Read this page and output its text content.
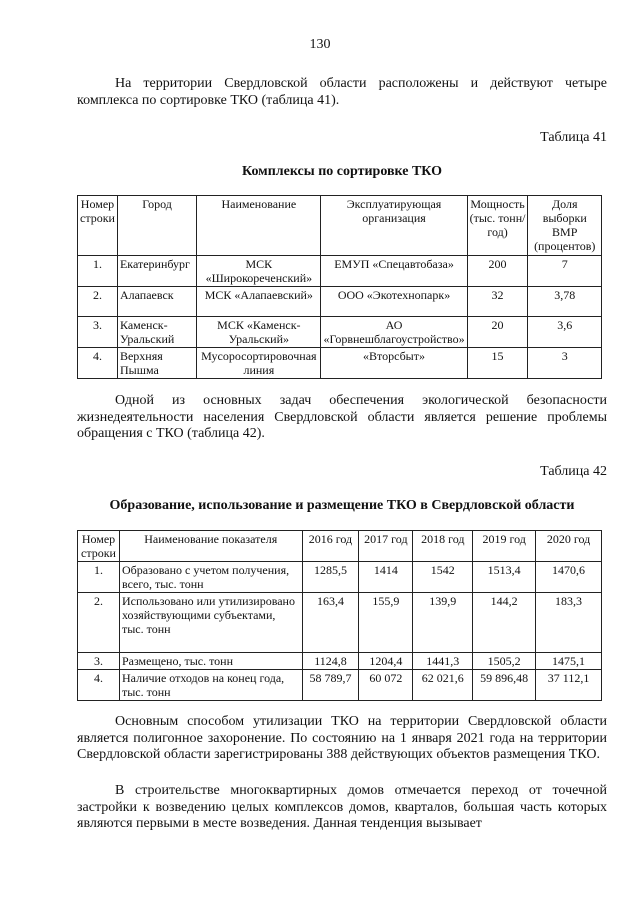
130

На территории Свердловской области расположены и действуют четыре комплекса по сортировке ТКО (таблица 41).

Таблица 41
Комплексы по сортировке ТКО
Номер строки	Город	Наименование	Эксплуатирующая организация	Мощность (тыс. тонн/год)	Доля выборки ВМР (процентов)
1.	Екатеринбург	МСК «Широкореченский»	ЕМУП «Спецавтобаза»	200	7
2.	Алапаевск	МСК «Алапаевский»	ООО «Экотехнопарк»	32	3,78
3.	Каменск-Уральский	МСК «Каменск-Уральский»	АО «Горвнешблагоустройство»	20	3,6
4.	Верхняя Пышма	Мусоросортировочная линия	«Вторсбыт»	15	3

Одной из основных задач обеспечения экологической безопасности жизнедеятельности населения Свердловской области является решение проблемы обращения с ТКО (таблица 42).

Таблица 42
Образование, использование и размещение ТКО в Свердловской области
Номер строки	Наименование показателя	2016 год	2017 год	2018 год	2019 год	2020 год
1.	Образовано с учетом получения, всего, тыс. тонн	1285,5	1414	1542	1513,4	1470,6
2.	Использовано или утилизировано хозяйствующими субъектами, тыс. тонн	163,4	155,9	139,9	144,2	183,3
3.	Размещено, тыс. тонн	1124,8	1204,4	1441,3	1505,2	1475,1
4.	Наличие отходов на конец года, тыс. тонн	58 789,7	60 072	62 021,6	59 896,48	37 112,1

Основным способом утилизации ТКО на территории Свердловской области является полигонное захоронение. По состоянию на 1 января 2021 года на территории Свердловской области зарегистрированы 388 действующих объектов размещения ТКО.

В строительстве многоквартирных домов отмечается переход от точечной застройки к возведению целых комплексов домов, кварталов, большая часть которых являются первыми в месте возведения. Данная тенденция вызывает
